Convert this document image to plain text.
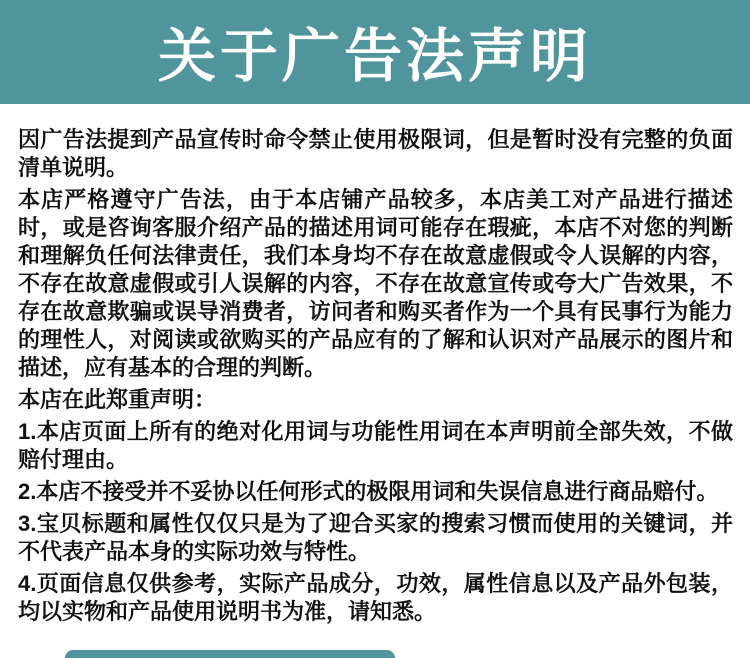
关于广告法声明

因广告法提到产品宣传时命令禁止使用极限词，但是暂时没有完整的负面清单说明。

本店严格遵守广告法，由于本店铺产品较多，本店美工对产品进行描述时，或是咨询客服介绍产品的描述用词可能存在瑕疵，本店不对您的判断和理解负任何法律责任，我们本身均不存在故意虚假或令人误解的内容，不存在故意虚假或引人误解的内容，不存在故意宣传或夸大广告效果，不存在故意欺骗或误导消费者，访问者和购买者作为一个具有民事行为能力的理性人，对阅读或欲购买的产品应有的了解和认识对产品展示的图片和描述，应有基本的合理的判断。

本店在此郑重声明：

1.本店页面上所有的绝对化用词与功能性用词在本声明前全部失效，不做赔付理由。

2.本店不接受并不妥协以任何形式的极限用词和失误信息进行商品赔付。

3.宝贝标题和属性仅仅只是为了迎合买家的搜索习惯而使用的关键词，并不代表产品本身的实际功效与特性。

4.页面信息仅供参考，实际产品成分，功效，属性信息以及产品外包装，均以实物和产品使用说明书为准，请知悉。
